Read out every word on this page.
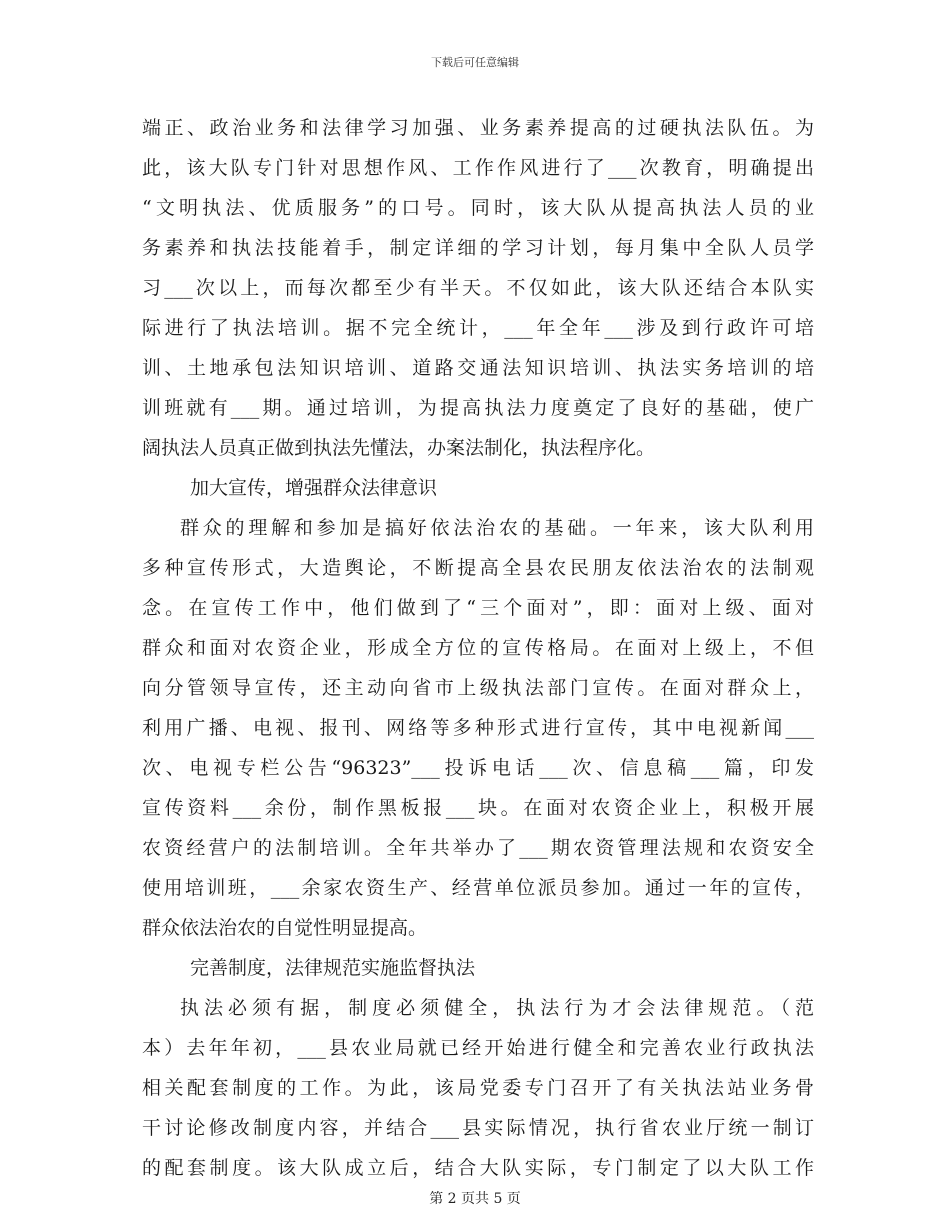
下载后可任意编辑
端正、政治业务和法律学习加强、业务素养提高的过硬执法队伍。为
此，该大队专门针对思想作风、工作作风进行了___次教育，明确提出
“文明执法、优质服务”的口号。同时，该大队从提高执法人员的业
务素养和执法技能着手，制定详细的学习计划，每月集中全队人员学
习___次以上，而每次都至少有半天。不仅如此，该大队还结合本队实
际进行了执法培训。据不完全统计，___年全年___涉及到行政许可培
训、土地承包法知识培训、道路交通法知识培训、执法实务培训的培
训班就有___期。通过培训，为提高执法力度奠定了良好的基础，使广
阔执法人员真正做到执法先懂法，办案法制化，执法程序化。
加大宣传，增强群众法律意识
群众的理解和参加是搞好依法治农的基础。一年来，该大队利用
多种宣传形式，大造舆论，不断提高全县农民朋友依法治农的法制观
念。在宣传工作中，他们做到了“三个面对”，即：面对上级、面对
群众和面对农资企业，形成全方位的宣传格局。在面对上级上，不但
向分管领导宣传，还主动向省市上级执法部门宣传。在面对群众上，
利用广播、电视、报刊、网络等多种形式进行宣传，其中电视新闻___
次、电视专栏公告“96323”___投诉电话___次、信息稿___篇，印发
宣传资料___余份，制作黑板报___块。在面对农资企业上，积极开展
农资经营户的法制培训。全年共举办了___期农资管理法规和农资安全
使用培训班，___余家农资生产、经营单位派员参加。通过一年的宣传，
群众依法治农的自觉性明显提高。
完善制度，法律规范实施监督执法
执法必须有据，制度必须健全，执法行为才会法律规范。（范
本）去年年初，___县农业局就已经开始进行健全和完善农业行政执法
相关配套制度的工作。为此，该局党委专门召开了有关执法站业务骨
干讨论修改制度内容，并结合___县实际情况，执行省农业厅统一制订
的配套制度。该大队成立后，结合大队实际，专门制定了以大队工作
第 2 页共 5 页
